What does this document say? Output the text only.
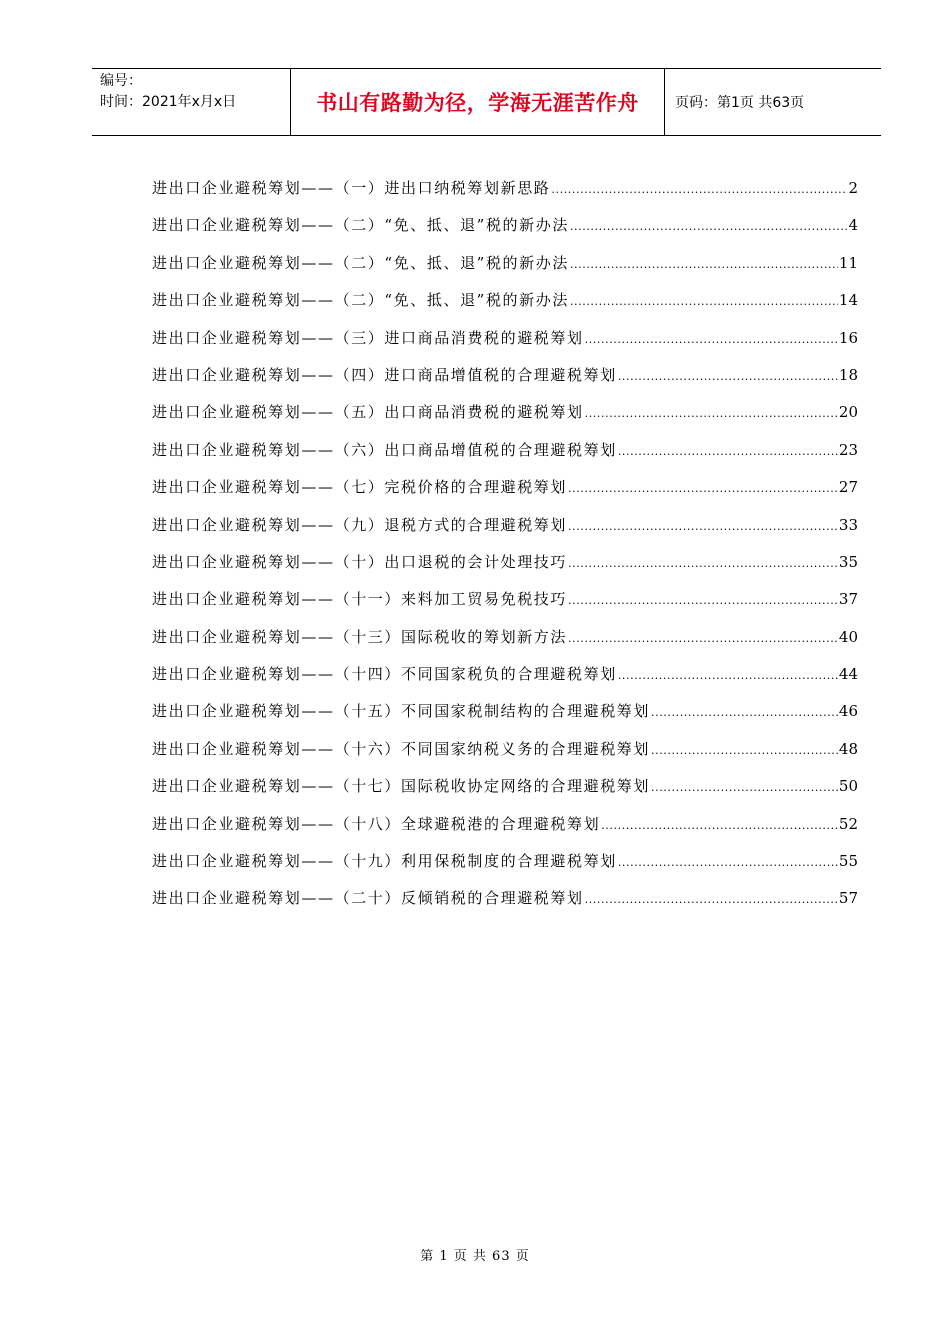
编号：
时间：2021年x月x日	书山有路勤为径，学海无涯苦作舟	页码：第1页 共63页
进出口企业避税筹划——（一）进出口纳税筹划新思路 .....	2
进出口企业避税筹划——（二）“免、抵、退”税的新办法 .....	4
进出口企业避税筹划——（二）“免、抵、退”税的新办法 .....	11
进出口企业避税筹划——（二）“免、抵、退”税的新办法 .....	14
进出口企业避税筹划——（三）进口商品消费税的避税筹划 .....	16
进出口企业避税筹划——（四）进口商品增值税的合理避税筹划 .....	18
进出口企业避税筹划——（五）出口商品消费税的避税筹划 .....	20
进出口企业避税筹划——（六）出口商品增值税的合理避税筹划 .....	23
进出口企业避税筹划——（七）完税价格的合理避税筹划 .....	27
进出口企业避税筹划——（九）退税方式的合理避税筹划 .....	33
进出口企业避税筹划——（十）出口退税的会计处理技巧 .....	35
进出口企业避税筹划——（十一）来料加工贸易免税技巧 .....	37
进出口企业避税筹划——（十三）国际税收的筹划新方法 .....	40
进出口企业避税筹划——（十四）不同国家税负的合理避税筹划 .....	44
进出口企业避税筹划——（十五）不同国家税制结构的合理避税筹划 .....	46
进出口企业避税筹划——（十六）不同国家纳税义务的合理避税筹划 .....	48
进出口企业避税筹划——（十七）国际税收协定网络的合理避税筹划 .....	50
进出口企业避税筹划——（十八）全球避税港的合理避税筹划 .....	52
进出口企业避税筹划——（十九）利用保税制度的合理避税筹划 .....	55
进出口企业避税筹划——（二十）反倾销税的合理避税筹划 .....	57
第 1 页 共 63 页
